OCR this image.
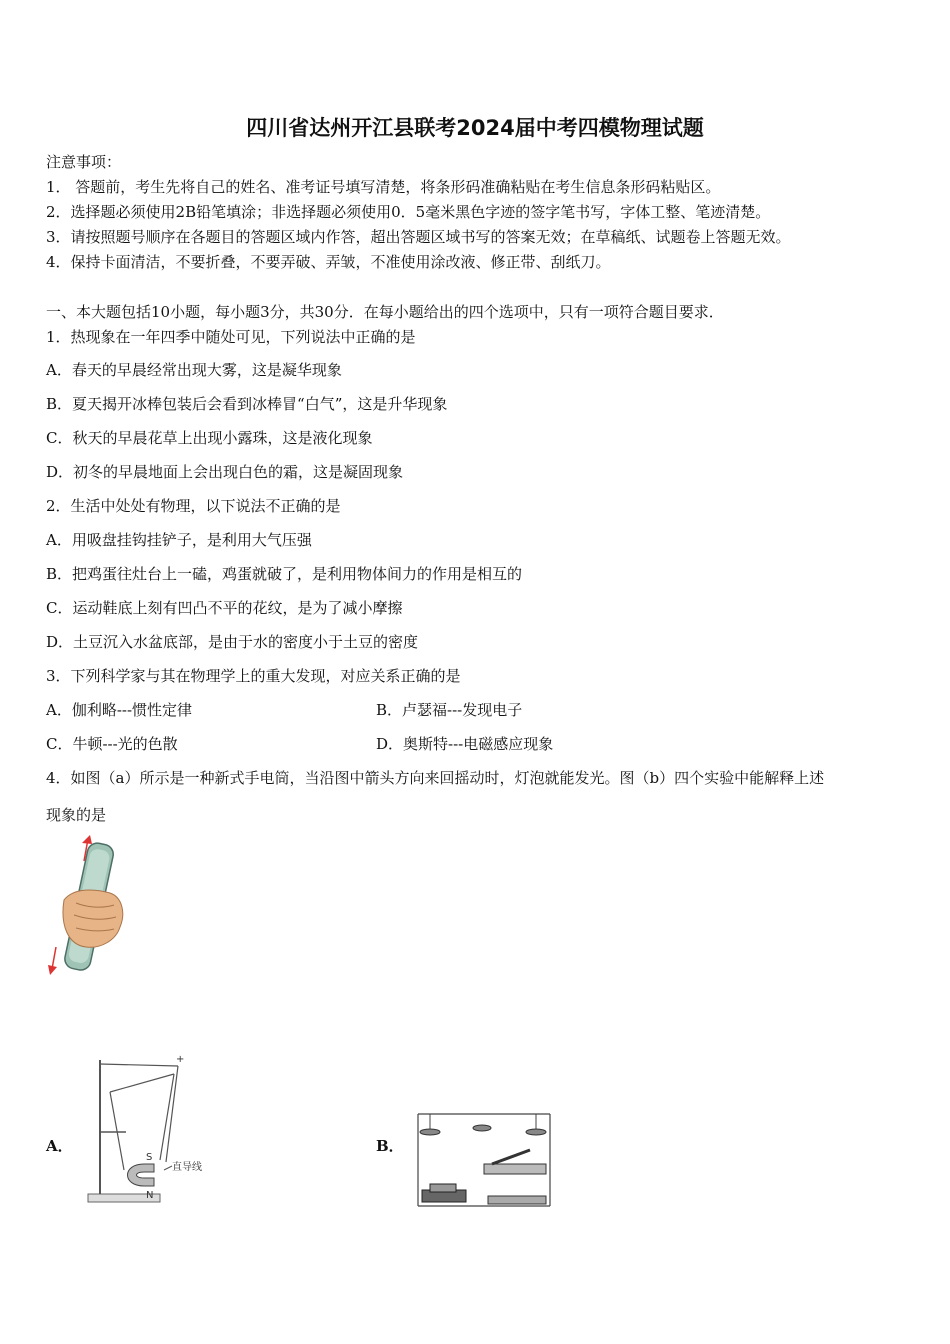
四川省达州开江县联考2024届中考四模物理试题
注意事项：
1． 答题前，考生先将自己的姓名、准考证号填写清楚，将条形码准确粘贴在考生信息条形码粘贴区。
2．选择题必须使用2B铅笔填涂；非选择题必须使用0．5毫米黑色字迹的签字笔书写，字体工整、笔迹清楚。
3．请按照题号顺序在各题目的答题区域内作答，超出答题区域书写的答案无效；在草稿纸、试题卷上答题无效。
4．保持卡面清洁，不要折叠，不要弄破、弄皱，不准使用涂改液、修正带、刮纸刀。
一、本大题包括10小题，每小题3分，共30分．在每小题给出的四个选项中，只有一项符合题目要求．
1．热现象在一年四季中随处可见，下列说法中正确的是
A．春天的早晨经常出现大雾，这是凝华现象
B．夏天揭开冰棒包装后会看到冰棒冒“白气”，这是升华现象
C．秋天的早晨花草上出现小露珠，这是液化现象
D．初冬的早晨地面上会出现白色的霜，这是凝固现象
2．生活中处处有物理，以下说法不正确的是
A．用吸盘挂钩挂铲子，是利用大气压强
B．把鸡蛋往灶台上一磕，鸡蛋就破了，是利用物体间力的作用是相互的
C．运动鞋底上刻有凹凸不平的花纹，是为了减小摩擦
D．土豆沉入水盆底部，是由于水的密度小于土豆的密度
3．下列科学家与其在物理学上的重大发现，对应关系正确的是
A．伽利略---惯性定律	B．卢瑟福---发现电子
C．牛顿---光的色散	D．奥斯特---电磁感应现象
4．如图（a）所示是一种新式手电筒，当沿图中箭头方向来回摇动时，灯泡就能发光。图（b）四个实验中能解释上述
现象的是
A．
S
N
+
直导线
B．
